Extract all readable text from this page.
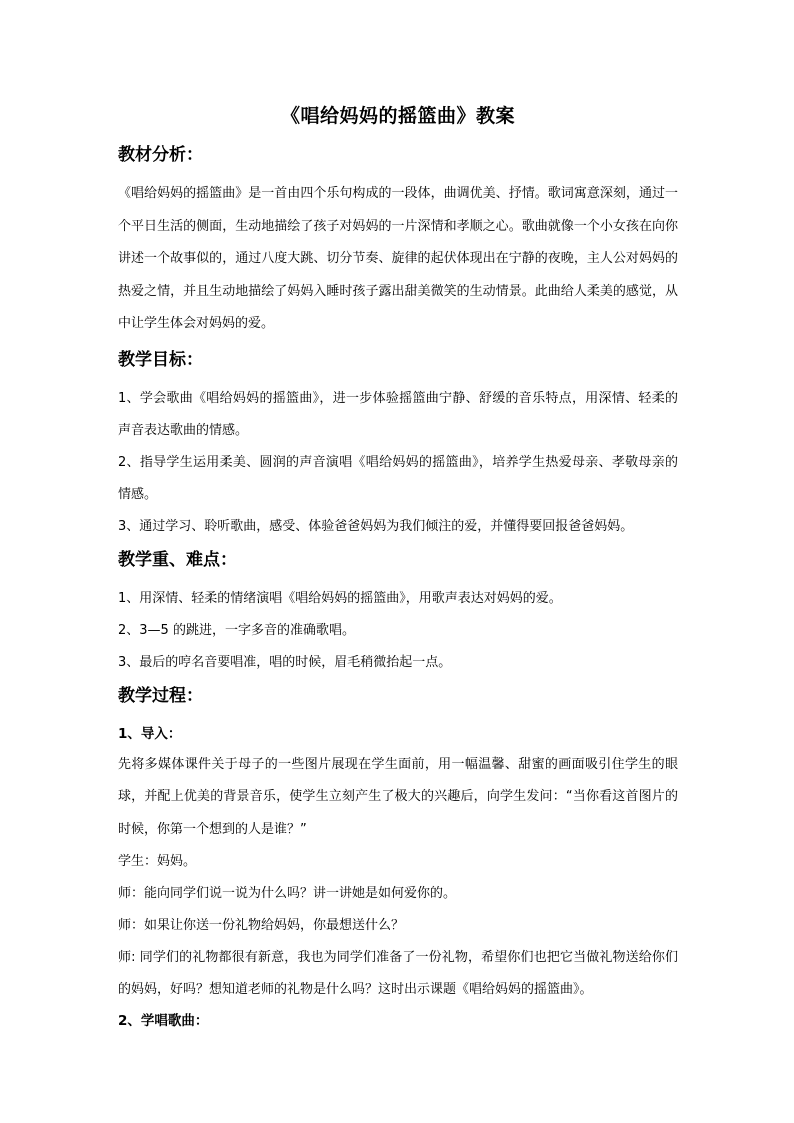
《唱给妈妈的摇篮曲》教案
教材分析：

《唱给妈妈的摇篮曲》是一首由四个乐句构成的一段体，曲调优美、抒情。歌词寓意深刻，通过一个平日生活的侧面，生动地描绘了孩子对妈妈的一片深情和孝顺之心。歌曲就像一个小女孩在向你讲述一个故事似的，通过八度大跳、切分节奏、旋律的起伏体现出在宁静的夜晚，主人公对妈妈的热爱之情，并且生动地描绘了妈妈入睡时孩子露出甜美微笑的生动情景。此曲给人柔美的感觉，从中让学生体会对妈妈的爱。

教学目标：

1、学会歌曲《唱给妈妈的摇篮曲》，进一步体验摇篮曲宁静、舒缓的音乐特点，用深情、轻柔的声音表达歌曲的情感。

2、指导学生运用柔美、圆润的声音演唱《唱给妈妈的摇篮曲》，培养学生热爱母亲、孝敬母亲的情感。

3、通过学习、聆听歌曲，感受、体验爸爸妈妈为我们倾注的爱，并懂得要回报爸爸妈妈。

教学重、难点：

1、用深情、轻柔的情绪演唱《唱给妈妈的摇篮曲》，用歌声表达对妈妈的爱。

2、3—5 的跳进，一字多音的准确歌唱。

3、最后的哼名音要唱准，唱的时候，眉毛稍微抬起一点。

教学过程：
1、导入：

先将多媒体课件关于母子的一些图片展现在学生面前，用一幅温馨、甜蜜的画面吸引住学生的眼球，并配上优美的背景音乐，使学生立刻产生了极大的兴趣后，向学生发问：“当你看这首图片的时候，你第一个想到的人是谁？”

学生：妈妈。

师：能向同学们说一说为什么吗？讲一讲她是如何爱你的。

师：如果让你送一份礼物给妈妈，你最想送什么？

师: 同学们的礼物都很有新意，我也为同学们准备了一份礼物，希望你们也把它当做礼物送给你们的妈妈，好吗？想知道老师的礼物是什么吗？这时出示课题《唱给妈妈的摇篮曲》。

2、学唱歌曲：
